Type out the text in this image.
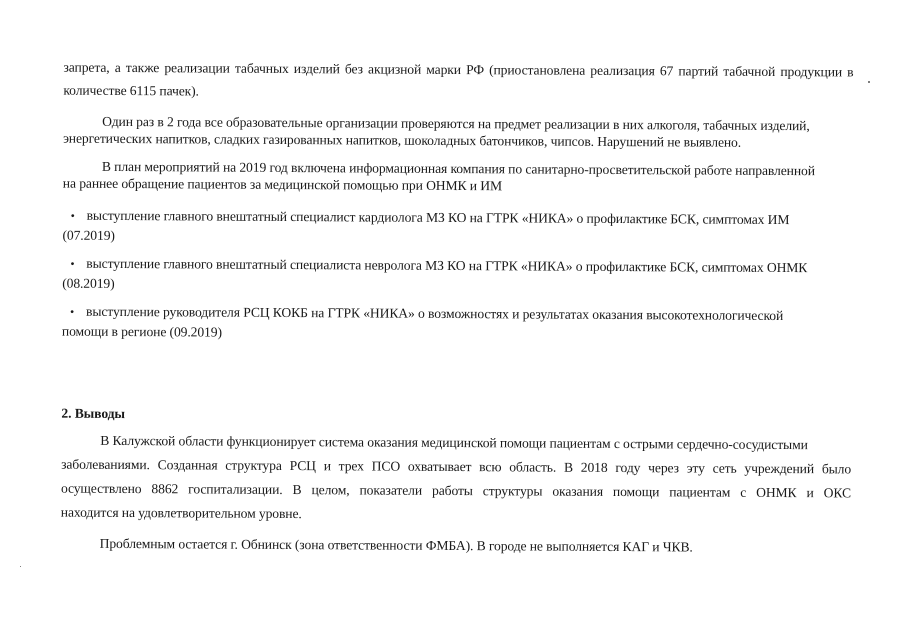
запрета, а также реализации табачных изделий без акцизной марки РФ (приостановлена реализация 67 партий табачной продукции в
количестве 6115 пачек).
Один раз в 2 года все образовательные организации проверяются на предмет реализации в них алкоголя, табачных изделий,
энергетических напитков, сладких газированных напитков, шоколадных батончиков, чипсов. Нарушений не выявлено.
В план мероприятий на 2019 год включена информационная компания по санитарно-просветительской работе направленной
на раннее обращение пациентов за медицинской помощью при ОНМК и ИМ
• выступление главного внештатный специалист кардиолога МЗ КО на ГТРК «НИКА» о профилактике БСК, симптомах ИМ
(07.2019)
• выступление главного внештатный специалиста невролога МЗ КО на ГТРК «НИКА» о профилактике БСК, симптомах ОНМК
(08.2019)
• выступление руководителя РСЦ КОКБ на ГТРК «НИКА» о возможностях и результатах оказания высокотехнологической
помощи в регионе (09.2019)
2. Выводы
В Калужской области функционирует система оказания медицинской помощи пациентам с острыми сердечно-сосудистыми
заболеваниями. Созданная структура РСЦ и трех ПСО охватывает всю область. В 2018 году через эту сеть учреждений было
осуществлено 8862 госпитализации. В целом, показатели работы структуры оказания помощи пациентам с ОНМК и ОКС
находится на удовлетворительном уровне.
Проблемным остается г. Обнинск (зона ответственности ФМБА). В городе не выполняется КАГ и ЧКВ.
